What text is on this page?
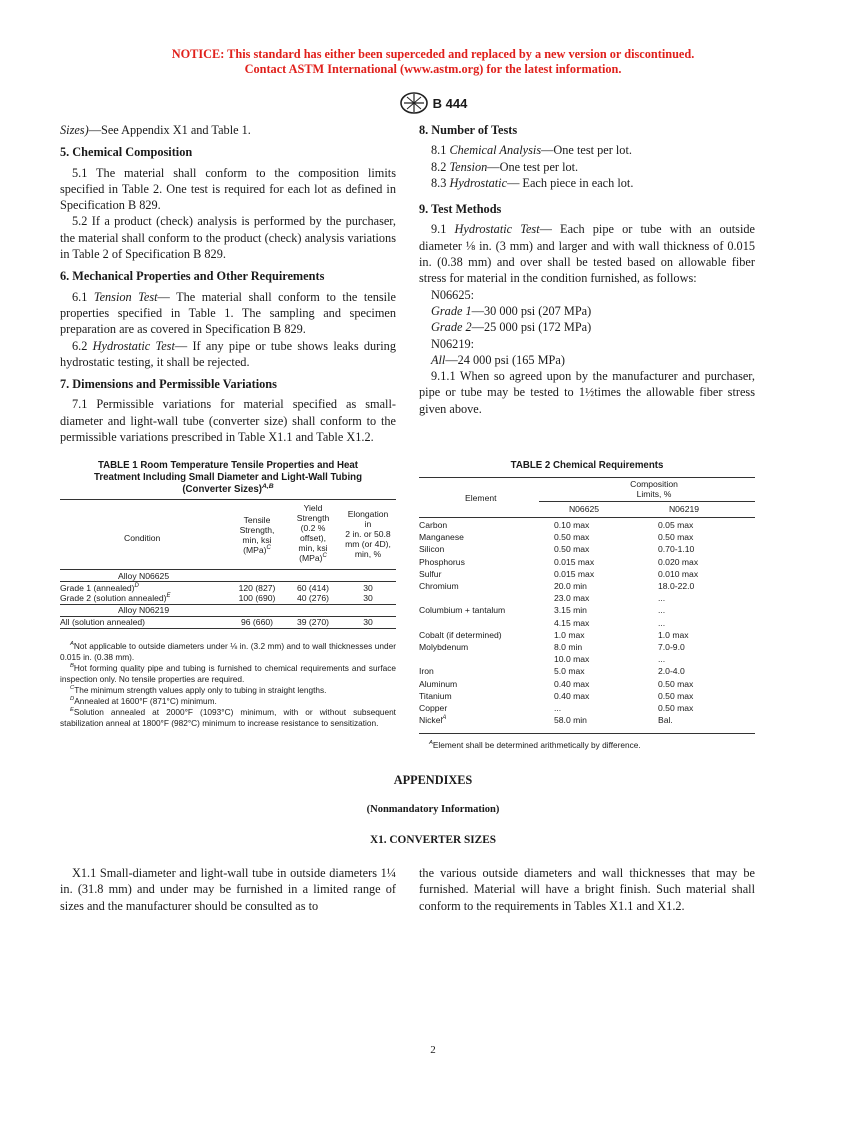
NOTICE: This standard has either been superceded and replaced by a new version or discontinued.
Contact ASTM International (www.astm.org) for the latest information.
B 444

Sizes)—See Appendix X1 and Table 1.

5. Chemical Composition

5.1 The material shall conform to the composition limits specified in Table 2. One test is required for each lot as defined in Specification B 829.

5.2 If a product (check) analysis is performed by the purchaser, the material shall conform to the product (check) analysis variations in Table 2 of Specification B 829.

6. Mechanical Properties and Other Requirements

6.1 Tension Test— The material shall conform to the tensile properties specified in Table 1. The sampling and specimen preparation are as covered in Specification B 829.

6.2 Hydrostatic Test— If any pipe or tube shows leaks during hydrostatic testing, it shall be rejected.

7. Dimensions and Permissible Variations

7.1 Permissible variations for material specified as small-diameter and light-wall tube (converter size) shall conform to the permissible variations prescribed in Table X1.1 and Table X1.2.

8. Number of Tests

8.1 Chemical Analysis—One test per lot.

8.2 Tension—One test per lot.

8.3 Hydrostatic— Each piece in each lot.

9. Test Methods

9.1 Hydrostatic Test— Each pipe or tube with an outside diameter ⅛ in. (3 mm) and larger and with wall thickness of 0.015 in. (0.38 mm) and over shall be tested based on allowable fiber stress for material in the condition furnished, as follows:

N06625:

Grade 1—30 000 psi (207 MPa)

Grade 2—25 000 psi (172 MPa)

N06219:

All—24 000 psi (165 MPa)

9.1.1 When so agreed upon by the manufacturer and purchaser, pipe or tube may be tested to 1½times the allowable fiber stress given above.

TABLE 1 Room Temperature Tensile Properties and Heat
Treatment Including Small Diameter and Light-Wall Tubing
(Converter Sizes)$^{A,B}$
Condition
Tensile
Strength,
min, ksi
(MPa)$^C$
Yield
Strength
(0.2 %
offset),
min, ksi
(MPa)$^C$
Elongation
in
2 in. or 50.8
mm (or 4D),
min, %
Alloy N06625
Grade 1 (annealed)$^D$	120 (827)	60 (414)	30
Grade 2 (solution annealed)$^E$	100 (690)	40 (276)	30
Alloy N06219
All (solution annealed)	96 (660)	39 (270)	30

$^A$Not applicable to outside diameters under ⅛ in. (3.2 mm) and to wall thicknesses under 0.015 in. (0.38 mm).

$^B$Hot forming quality pipe and tubing is furnished to chemical requirements and surface inspection only. No tensile properties are required.

$^C$The minimum strength values apply only to tubing in straight lengths.

$^D$Annealed at 1600°F (871°C) minimum.

$^E$Solution annealed at 2000°F (1093°C) minimum, with or without subsequent stabilization anneal at 1800°F (982°C) minimum to increase resistance to sensitization.

TABLE 2 Chemical Requirements
Element
Composition
Limits, %
N06625	N06219
Carbon	0.10 max	0.05 max
Manganese	0.50 max	0.50 max
Silicon	0.50 max	0.70-1.10
Phosphorus	0.015 max	0.020 max
Sulfur	0.015 max	0.010 max
Chromium	20.0 min	18.0-22.0
23.0 max	...
Columbium + tantalum	3.15 min	...
4.15 max	...
Cobalt (if determined)	1.0 max	1.0 max
Molybdenum	8.0 min	7.0-9.0
10.0 max	...
Iron	5.0 max	2.0-4.0
Aluminum	0.40 max	0.50 max
Titanium	0.40 max	0.50 max
Copper	...	0.50 max
Nickel$^A$	58.0 min	Bal.

$^A$Element shall be determined arithmetically by difference.

APPENDIXES
(Nonmandatory Information)
X1. CONVERTER SIZES

X1.1 Small-diameter and light-wall tube in outside diameters 1¼ in. (31.8 mm) and under may be furnished in a limited range of sizes and the manufacturer should be consulted as to

the various outside diameters and wall thicknesses that may be furnished. Material will have a bright finish. Such material shall conform to the requirements in Tables X1.1 and X1.2.

2
